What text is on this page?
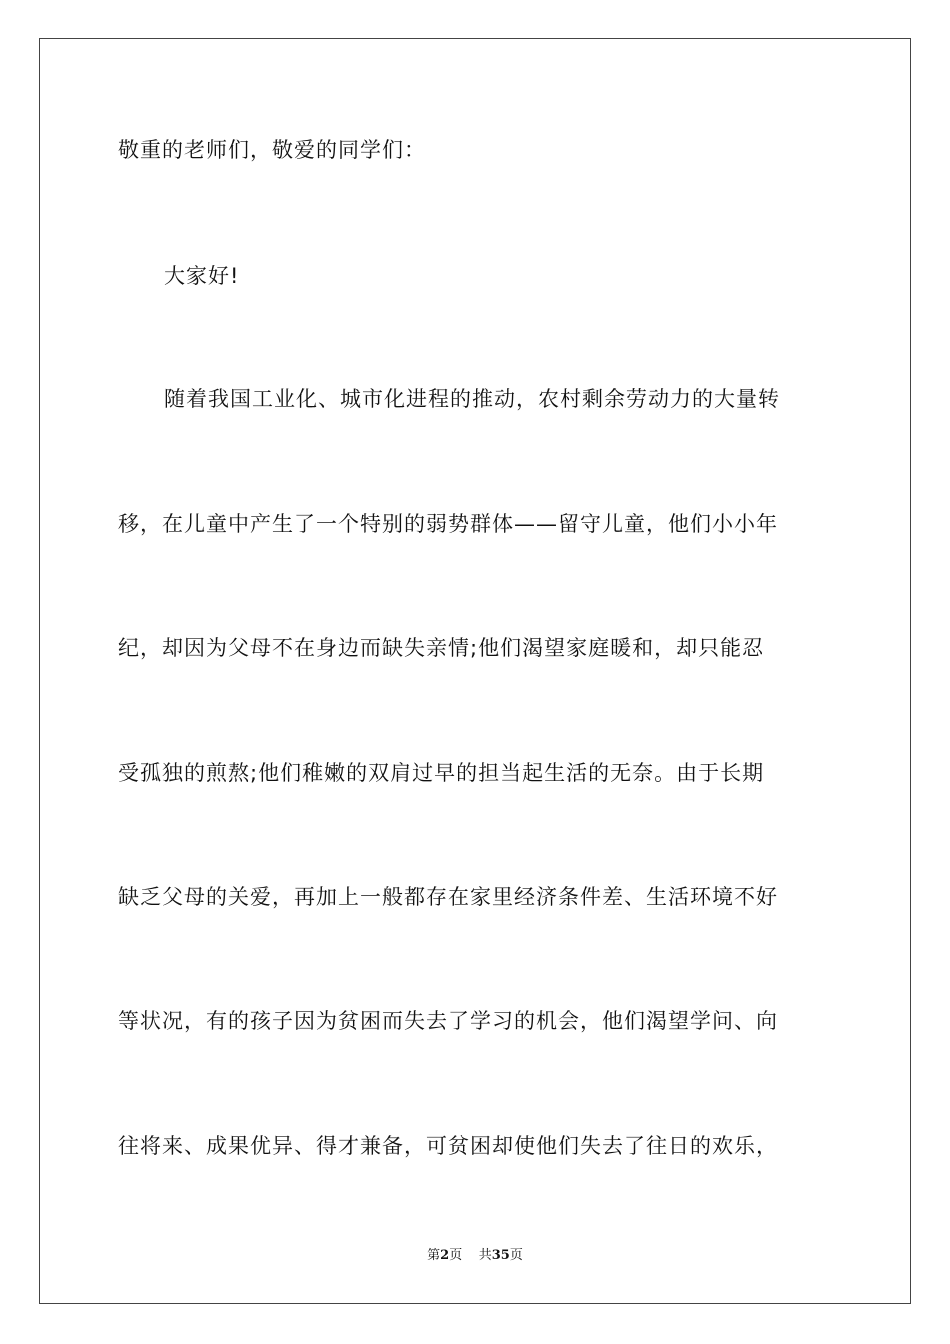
敬重的老师们，敬爱的同学们：
大家好!
随着我国工业化、城市化进程的推动，农村剩余劳动力的大量转
移，在儿童中产生了一个特别的弱势群体——留守儿童，他们小小年
纪，却因为父母不在身边而缺失亲情;他们渴望家庭暖和，却只能忍
受孤独的煎熬;他们稚嫩的双肩过早的担当起生活的无奈。由于长期
缺乏父母的关爱，再加上一般都存在家里经济条件差、生活环境不好
等状况，有的孩子因为贫困而失去了学习的机会，他们渴望学问、向
往将来、成果优异、得才兼备，可贫困却使他们失去了往日的欢乐，
第2页 共35页
